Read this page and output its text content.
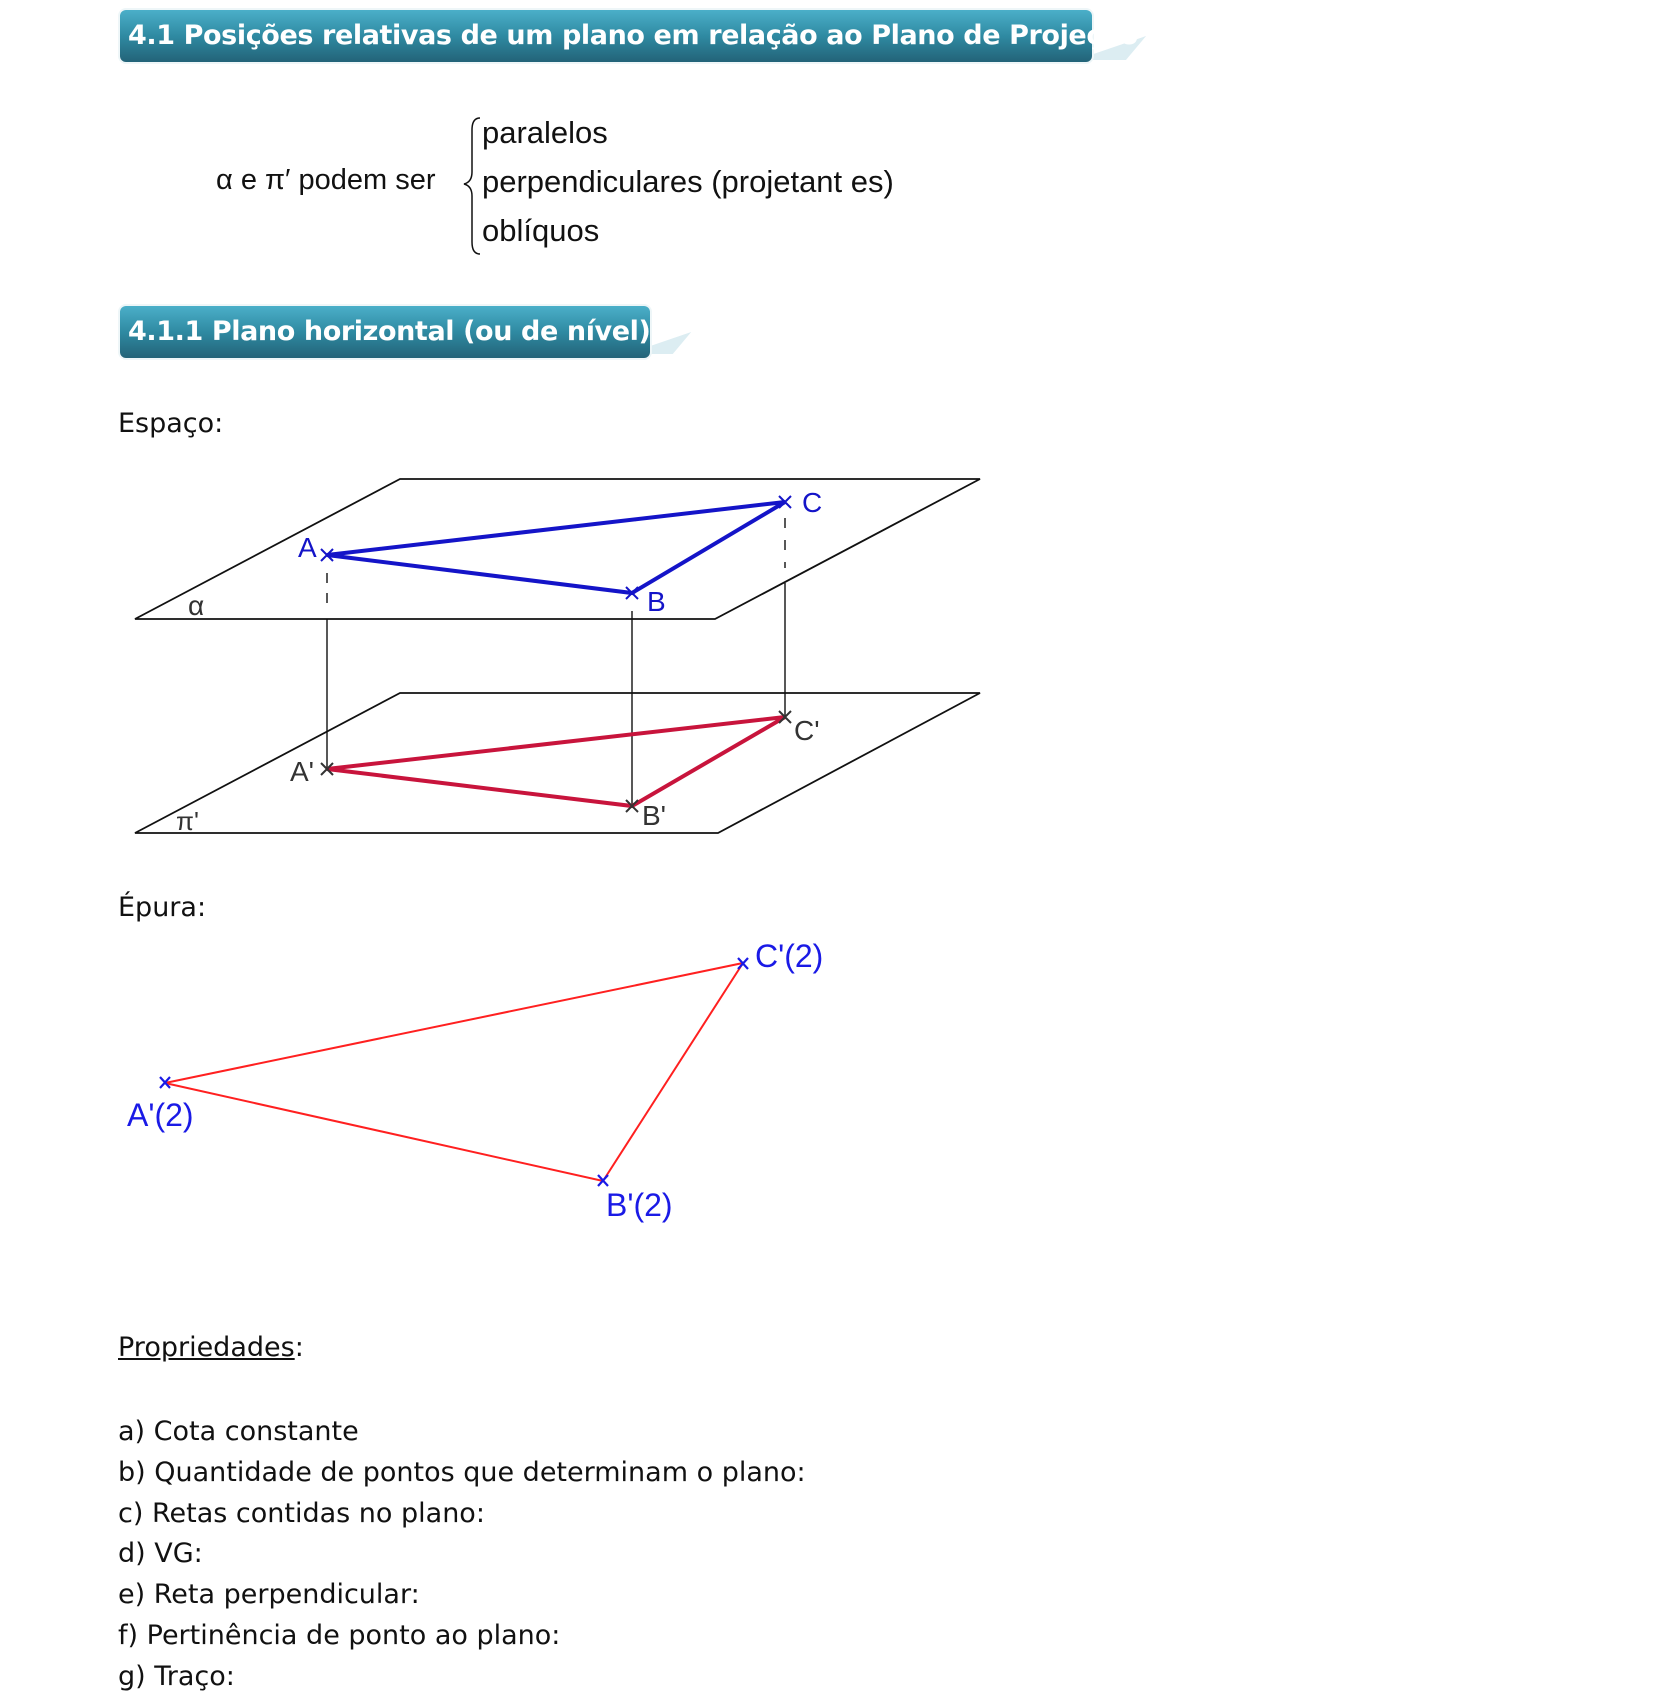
4.1 Posições relativas de um plano em relação ao Plano de Projeção
α e π′ podem ser
paralelos
perpendiculares (projetant es)
oblíquos
4.1.1 Plano horizontal (ou de nível)
Espaço:
α
π'
A
B
C
A'
B'
C'
Épura:
A'(2)
B'(2)
C'(2)
Propriedades:
a) Cota constante
b) Quantidade de pontos que determinam o plano:
c) Retas contidas no plano:
d) VG:
e) Reta perpendicular:
f) Pertinência de ponto ao plano:
g) Traço:
